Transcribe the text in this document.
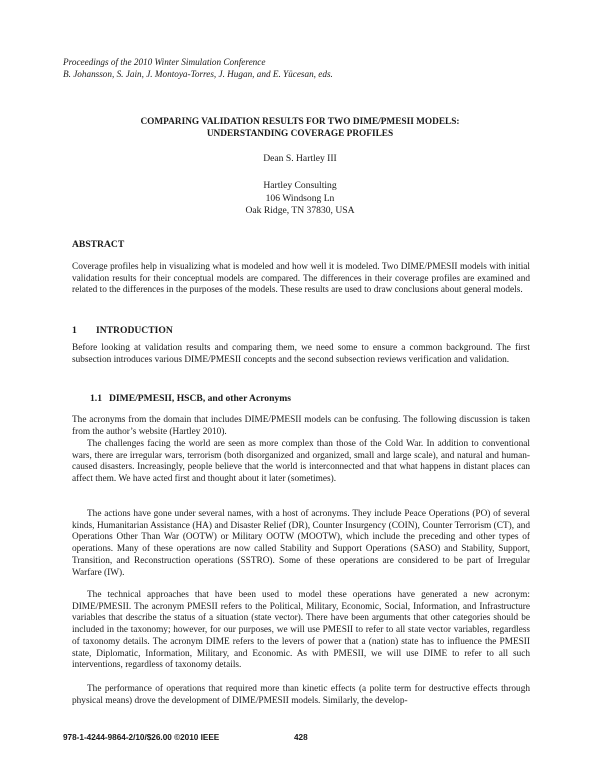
Proceedings of the 2010 Winter Simulation Conference
B. Johansson, S. Jain, J. Montoya-Torres, J. Hugan, and E. Yücesan, eds.
COMPARING VALIDATION RESULTS FOR TWO DIME/PMESII MODELS:
UNDERSTANDING COVERAGE PROFILES
Dean S. Hartley III
Hartley Consulting
106 Windsong Ln
Oak Ridge, TN 37830, USA
ABSTRACT
Coverage profiles help in visualizing what is modeled and how well it is modeled. Two DIME/PMESII models with initial validation results for their conceptual models are compared. The differences in their coverage profiles are examined and related to the differences in the purposes of the models. These results are used to draw conclusions about general models.
1 INTRODUCTION
Before looking at validation results and comparing them, we need some to ensure a common background. The first subsection introduces various DIME/PMESII concepts and the second subsection reviews verification and validation.
1.1 DIME/PMESII, HSCB, and other Acronyms
The acronyms from the domain that includes DIME/PMESII models can be confusing. The following discussion is taken from the author’s website (Hartley 2010).
The challenges facing the world are seen as more complex than those of the Cold War. In addition to conventional wars, there are irregular wars, terrorism (both disorganized and organized, small and large scale), and natural and human-caused disasters. Increasingly, people believe that the world is interconnected and that what happens in distant places can affect them. We have acted first and thought about it later (sometimes).
The actions have gone under several names, with a host of acronyms. They include Peace Operations (PO) of several kinds, Humanitarian Assistance (HA) and Disaster Relief (DR), Counter Insurgency (COIN), Counter Terrorism (CT), and Operations Other Than War (OOTW) or Military OOTW (MOOTW), which include the preceding and other types of operations. Many of these operations are now called Stability and Support Operations (SASO) and Stability, Support, Transition, and Reconstruction operations (SSTRO). Some of these operations are considered to be part of Irregular Warfare (IW).
The technical approaches that have been used to model these operations have generated a new acronym: DIME/PMESII. The acronym PMESII refers to the Political, Military, Economic, Social, Information, and Infrastructure variables that describe the status of a situation (state vector). There have been arguments that other categories should be included in the taxonomy; however, for our purposes, we will use PMESII to refer to all state vector variables, regardless of taxonomy details. The acronym DIME refers to the levers of power that a (nation) state has to influence the PMESII state, Diplomatic, Information, Military, and Economic. As with PMESII, we will use DIME to refer to all such interventions, regardless of taxonomy details.
The performance of operations that required more than kinetic effects (a polite term for destructive effects through physical means) drove the development of DIME/PMESII models. Similarly, the develop-
978-1-4244-9864-2/10/$26.00 ©2010 IEEE	428
